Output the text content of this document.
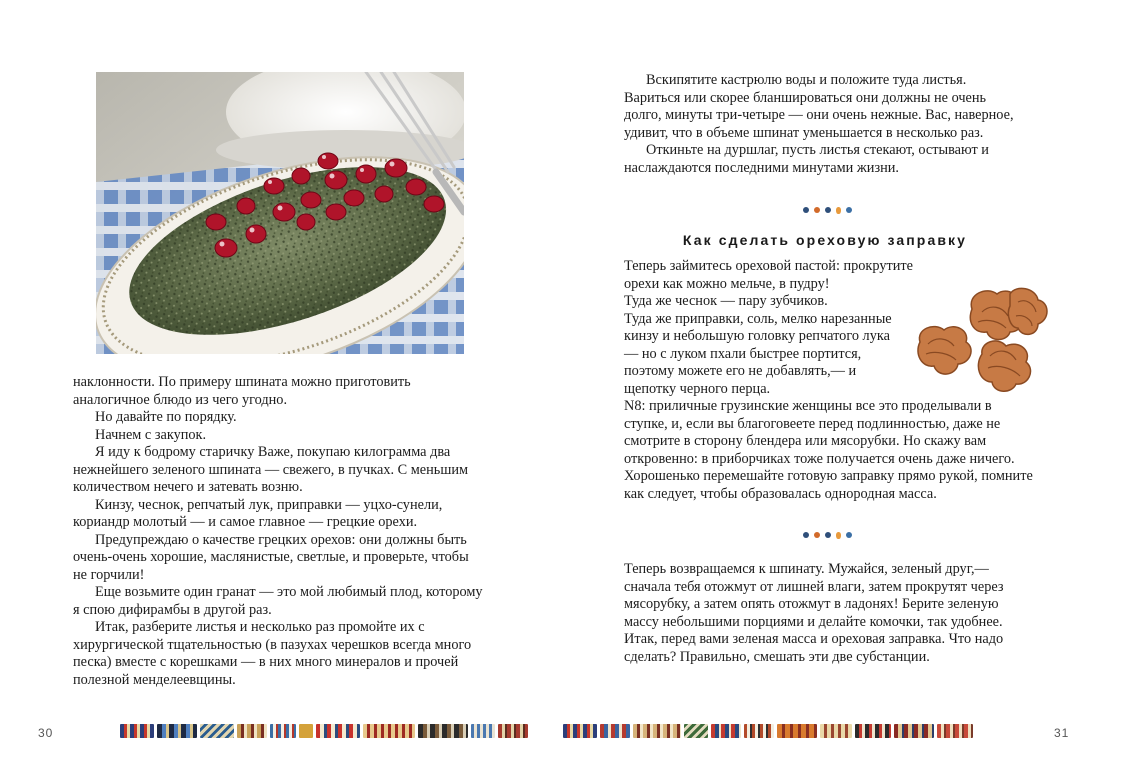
наклонности. По примеру шпината можно приготовить аналогичное блюдо из чего угодно.

Но давайте по порядку.

Начнем с закупок.

Я иду к бодрому старичку Важе, покупаю килограмма два нежнейшего зеленого шпината — свежего, в пучках. С меньшим количеством нечего и затевать возню.

Кинзу, чеснок, репчатый лук, приправки — уцхо-сунели, кориандр молотый — и самое главное — грецкие орехи.

Предупреждаю о качестве грецких орехов: они должны быть очень-очень хорошие, маслянистые, светлые, и проверьте, чтобы не горчили!

Еще возьмите один гранат — это мой любимый плод, которому я спою дифирамбы в другой раз.

Итак, разберите листья и несколько раз промойте их с хирургической тщательностью (в пазухах черешков всегда много песка) вместе с корешками — в них много минералов и прочей полезной менделеевщины.

Вскипятите кастрюлю воды и положите туда листья. Вариться или скорее бланшироваться они должны не очень долго, минуты три-четыре — они очень нежные. Вас, наверное, удивит, что в объеме шпинат уменьшается в несколько раз.

Откиньте на дуршлаг, пусть листья стекают, остывают и наслаждаются последними минутами жизни.

Как сделать ореховую заправку

Теперь займитесь ореховой пастой: прокрутите орехи как можно мельче, в пудру!

Туда же чеснок — пару зубчиков.

Туда же приправки, соль, мелко нарезанные кинзу и небольшую головку репчатого лука — но с луком пхали быстрее портится, поэтому можете его не добавлять,— и щепотку черного перца.

N8: приличные грузинские женщины все это проделывали в ступке, и, если вы благоговеете перед подлинностью, даже не смотрите в сторону блендера или мясорубки. Но скажу вам откровенно: в приборчиках тоже получается очень даже ничего.

Хорошенько перемешайте готовую заправку прямо рукой, помните как следует, чтобы образовалась однородная масса.

Теперь возвращаемся к шпинату. Мужайся, зеленый друг,— сначала тебя отожмут от лишней влаги, затем прокрутят через мясорубку, а затем опять отожмут в ладонях! Берите зеленую массу небольшими порциями и делайте комочки, так удобнее.

Итак, перед вами зеленая масса и ореховая заправка. Что надо сделать? Правильно, смешать эти две субстанции.

30	31
